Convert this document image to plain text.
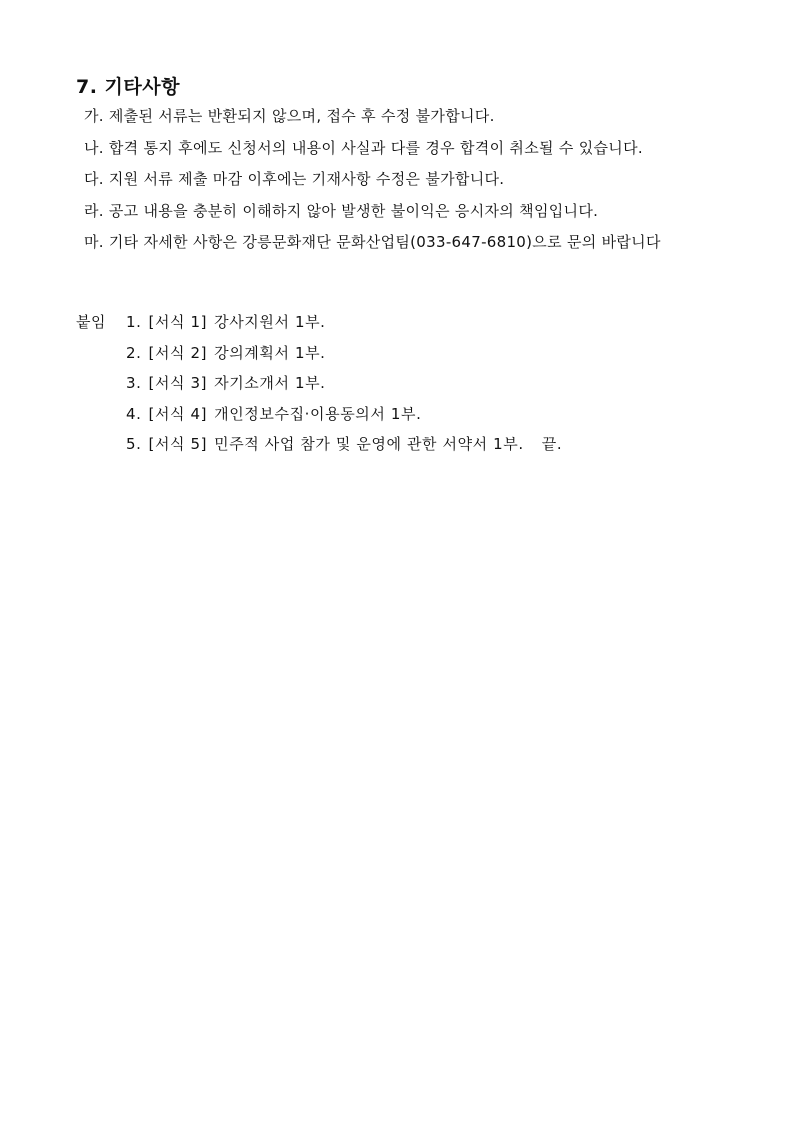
7. 기타사항
가. 제출된 서류는 반환되지 않으며, 접수 후 수정 불가합니다.
나. 합격 통지 후에도 신청서의 내용이 사실과 다를 경우 합격이 취소될 수 있습니다.
다. 지원 서류 제출 마감 이후에는 기재사항 수정은 불가합니다.
라. 공고 내용을 충분히 이해하지 않아 발생한 불이익은 응시자의 책임입니다.
마. 기타 자세한 사항은 강릉문화재단 문화산업팀(033-647-6810)으로 문의 바랍니다
붙임 1. [서식 1] 강사지원서 1부.
2. [서식 2] 강의계획서 1부.
3. [서식 3] 자기소개서 1부.
4. [서식 4] 개인정보수집·이용동의서 1부.
5. [서식 5] 민주적 사업 참가 및 운영에 관한 서약서 1부. 끝.
